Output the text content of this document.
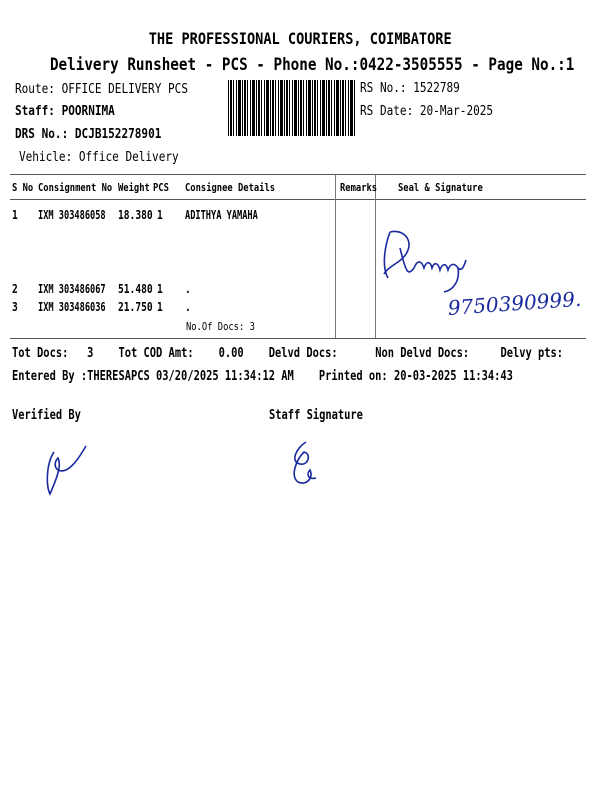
THE PROFESSIONAL COURIERS, COIMBATORE
Delivery Runsheet - PCS - Phone No.:0422-3505555 - Page No.:1
Route: OFFICE DELIVERY PCS
Staff: POORNIMA
DRS No.: DCJB152278901
Vehicle: Office Delivery
RS No.: 1522789
RS Date: 20-Mar-2025
S No Consignment No Weight PCS	Consignee Details	Remarks	Seal & Signature
1 IXM 303486058	18.380 1 ADITHYA YAMAHA
2 IXM 303486067	51.480 1 .
3 IXM 303486036	21.750 1 .
No.Of Docs: 3
9750390999.
Tot Docs: 3 Tot COD Amt: 0.00 Delvd Docs:	Non Delvd Docs: Delvy pts:
Entered By :THERESAPCS 03/20/2025 11:34:12 AM Printed on: 20-03-2025 11:34:43
Verified By	Staff Signature
